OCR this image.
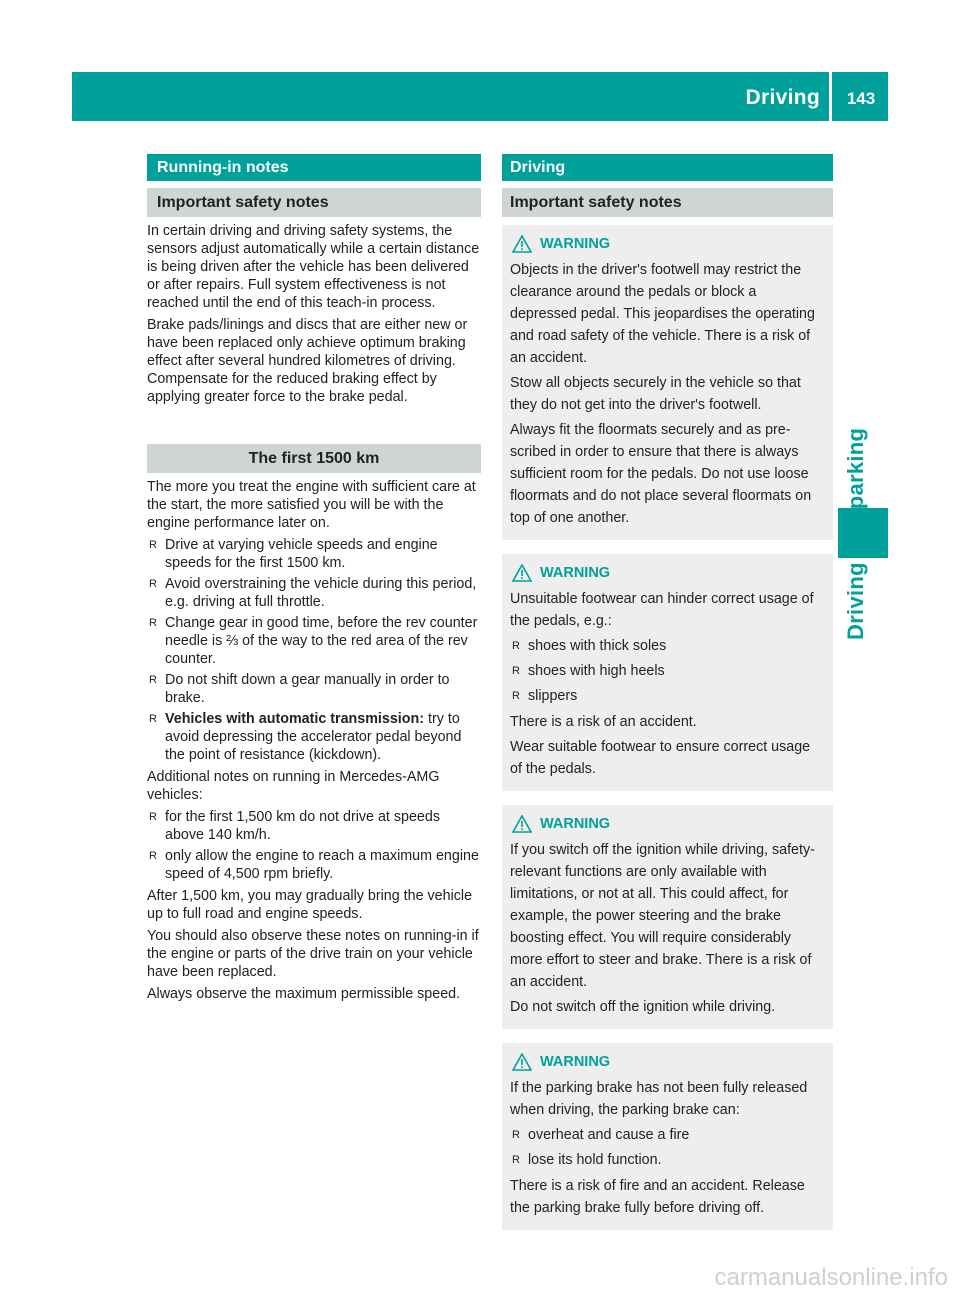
Driving	143
Running-in notes
Important safety notes

In certain driving and driving safety systems, the sensors adjust automatically while a certain distance is being driven after the vehicle has been delivered or after repairs. Full system effectiveness is not reached until the end of this teach-in process.

Brake pads/linings and discs that are either new or have been replaced only achieve optimum braking effect after several hundred kilometres of driving. Compensate for the reduced braking effect by applying greater force to the brake pedal.

The first 1500 km

The more you treat the engine with sufficient care at the start, the more satisfied you will be with the engine performance later on.

R Drive at varying vehicle speeds and engine speeds for the first 1500 km.
R Avoid overstraining the vehicle during this period, e.g. driving at full throttle.
R Change gear in good time, before the rev counter needle is ⅔ of the way to the red area of the rev counter.
R Do not shift down a gear manually in order to brake.
R Vehicles with automatic transmission: try to avoid depressing the accelerator pedal beyond the point of resistance (kickdown).

Additional notes on running in Mercedes-AMG vehicles:

R for the first 1,500 km do not drive at speeds above 140 km/h.
R only allow the engine to reach a maximum engine speed of 4,500 rpm briefly.

After 1,500 km, you may gradually bring the vehicle up to full road and engine speeds.

You should also observe these notes on running-in if the engine or parts of the drive train on your vehicle have been replaced.

Always observe the maximum permissible speed.

Driving
Important safety notes
WARNING

Objects in the driver's footwell may restrict the clearance around the pedals or block a depressed pedal. This jeopardises the operating and road safety of the vehicle. There is a risk of an accident.

Stow all objects securely in the vehicle so that they do not get into the driver's footwell.

Always fit the floormats securely and as prescribed in order to ensure that there is always sufficient room for the pedals. Do not use loose floormats and do not place several floormats on top of one another.

WARNING

Unsuitable footwear can hinder correct usage of the pedals, e.g.:

R shoes with thick soles
R shoes with high heels
R slippers

There is a risk of an accident.

Wear suitable footwear to ensure correct usage of the pedals.

WARNING

If you switch off the ignition while driving, safety-relevant functions are only available with limitations, or not at all. This could affect, for example, the power steering and the brake boosting effect. You will require considerably more effort to steer and brake. There is a risk of an accident.

Do not switch off the ignition while driving.

WARNING

If the parking brake has not been fully released when driving, the parking brake can:

R overheat and cause a fire
R lose its hold function.

There is a risk of fire and an accident. Release the parking brake fully before driving off.

carmanualsonline.info
